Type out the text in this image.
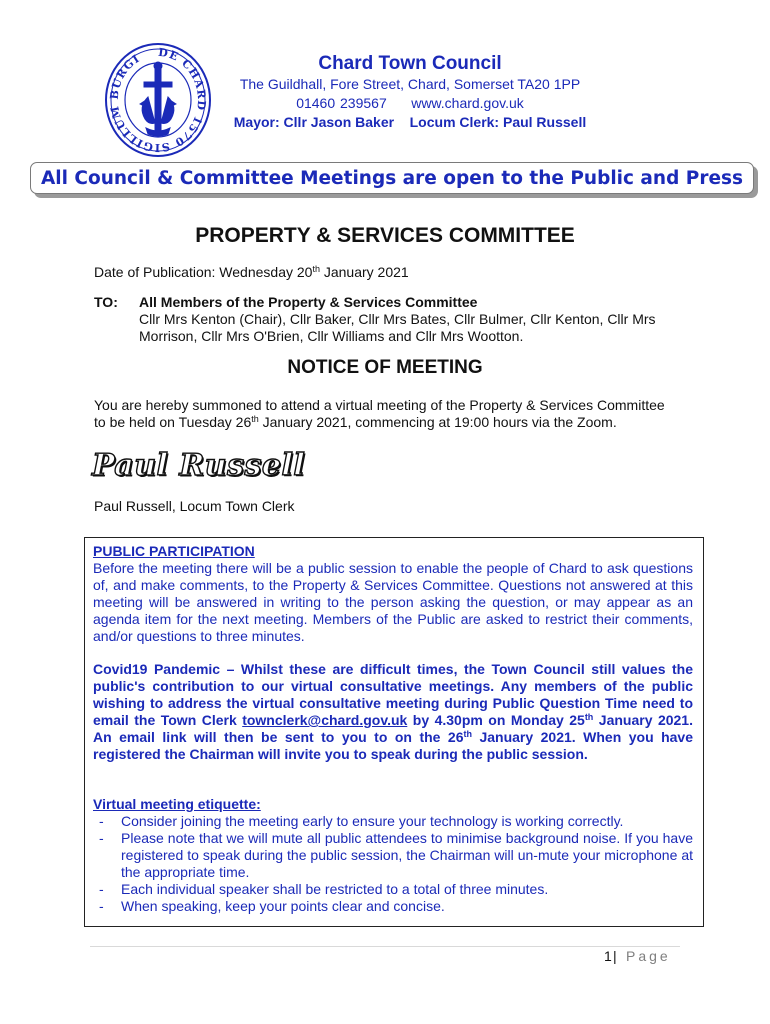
DE CHARD 1570 SIGILLUM BURGI	Chard Town Council
The Guildhall, Fore Street, Chard, Somerset TA20 1PP
01460 239567 www.chard.gov.uk
Mayor: Cllr Jason Baker Locum Clerk: Paul Russell
All Council & Committee Meetings are open to the Public and Press
PROPERTY & SERVICES COMMITTEE
Date of Publication: Wednesday 20th January 2021
TO: All Members of the Property & Services Committee
Cllr Mrs Kenton (Chair), Cllr Baker, Cllr Mrs Bates, Cllr Bulmer, Cllr Kenton, Cllr Mrs Morrison, Cllr Mrs O'Brien, Cllr Williams and Cllr Mrs Wootton.
NOTICE OF MEETING
You are hereby summoned to attend a virtual meeting of the Property & Services Committee to be held on Tuesday 26th January 2021, commencing at 19:00 hours via the Zoom.
Paul Russell
Paul Russell, Locum Town Clerk
PUBLIC PARTICIPATION
Before the meeting there will be a public session to enable the people of Chard to ask questions of, and make comments, to the Property & Services Committee. Questions not answered at this meeting will be answered in writing to the person asking the question, or may appear as an agenda item for the next meeting. Members of the Public are asked to restrict their comments, and/or questions to three minutes.
Covid19 Pandemic – Whilst these are difficult times, the Town Council still values the public's contribution to our virtual consultative meetings. Any members of the public wishing to address the virtual consultative meeting during Public Question Time need to email the Town Clerk townclerk@chard.gov.uk by 4.30pm on Monday 25th January 2021. An email link will then be sent to you to on the 26th January 2021. When you have registered the Chairman will invite you to speak during the public session.
Virtual meeting etiquette:
- Consider joining the meeting early to ensure your technology is working correctly.
- Please note that we will mute all public attendees to minimise background noise. If you have registered to speak during the public session, the Chairman will un-mute your microphone at the appropriate time.
- Each individual speaker shall be restricted to a total of three minutes.
- When speaking, keep your points clear and concise.
1 | Page
